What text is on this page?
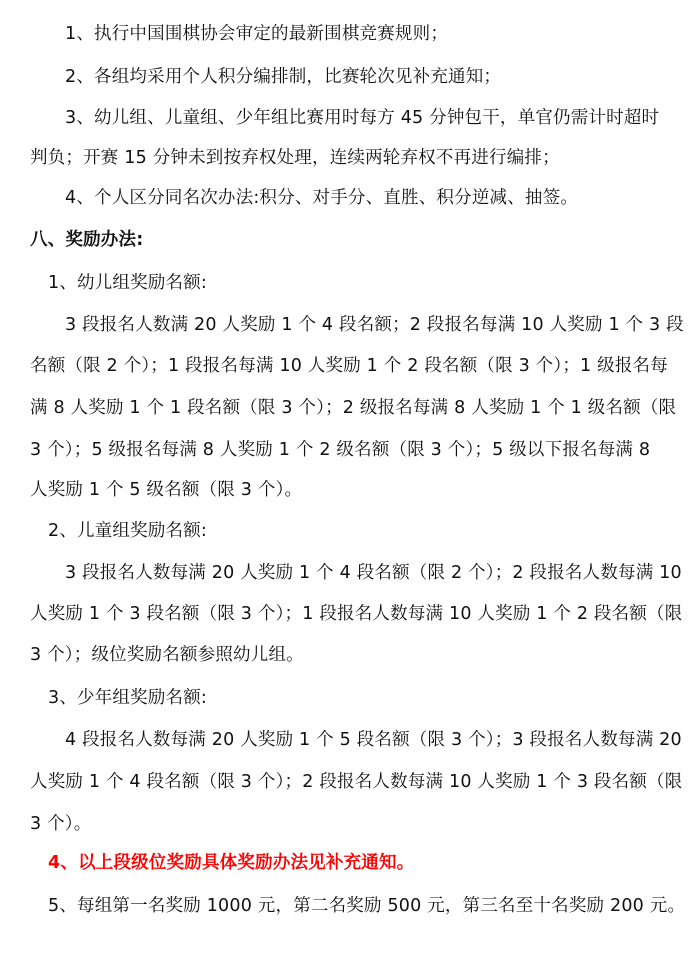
1、执行中国围棋协会审定的最新围棋竞赛规则；
2、各组均采用个人积分编排制，比赛轮次见补充通知；
3、幼儿组、儿童组、少年组比赛用时每方 45 分钟包干，单官仍需计时超时
判负；开赛 15 分钟未到按弃权处理，连续两轮弃权不再进行编排；
4、个人区分同名次办法:积分、对手分、直胜、积分逆减、抽签。
八、奖励办法:
1、幼儿组奖励名额:
3 段报名人数满 20 人奖励 1 个 4 段名额；2 段报名每满 10 人奖励 1 个 3 段
名额（限 2 个）；1 段报名每满 10 人奖励 1 个 2 段名额（限 3 个）；1 级报名每
满 8 人奖励 1 个 1 段名额（限 3 个）；2 级报名每满 8 人奖励 1 个 1 级名额（限
3 个）；5 级报名每满 8 人奖励 1 个 2 级名额（限 3 个）；5 级以下报名每满 8
人奖励 1 个 5 级名额（限 3 个）。
2、儿童组奖励名额:
3 段报名人数每满 20 人奖励 1 个 4 段名额（限 2 个）；2 段报名人数每满 10
人奖励 1 个 3 段名额（限 3 个）；1 段报名人数每满 10 人奖励 1 个 2 段名额（限
3 个）；级位奖励名额参照幼儿组。
3、少年组奖励名额:
4 段报名人数每满 20 人奖励 1 个 5 段名额（限 3 个）；3 段报名人数每满 20
人奖励 1 个 4 段名额（限 3 个）；2 段报名人数每满 10 人奖励 1 个 3 段名额（限
3 个）。
4、以上段级位奖励具体奖励办法见补充通知。
5、每组第一名奖励 1000 元，第二名奖励 500 元，第三名至十名奖励 200 元。
